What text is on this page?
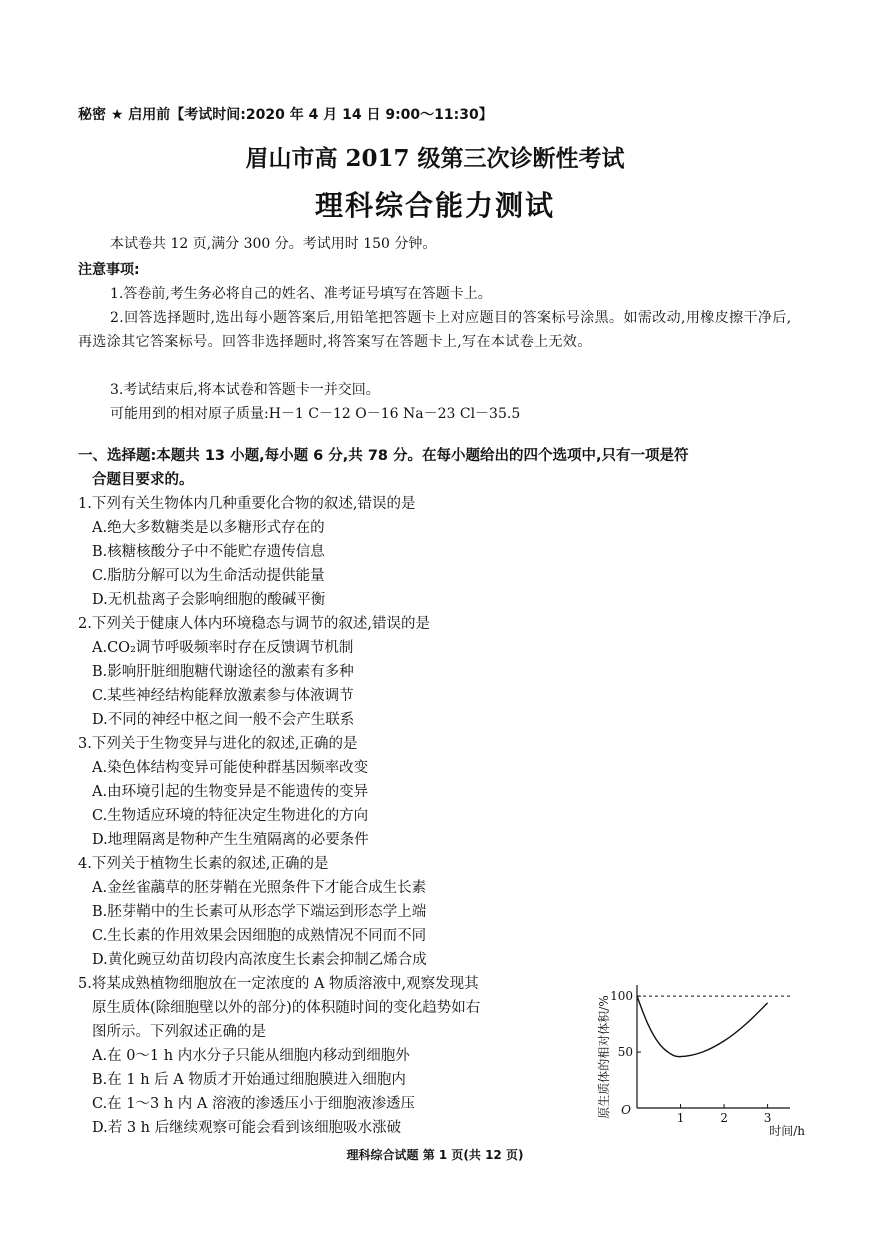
秘密 ★ 启用前【考试时间:2020 年 4 月 14 日 9:00～11:30】
眉山市高 2017 级第三次诊断性考试
理科综合能力测试
本试卷共 12 页,满分 300 分。考试用时 150 分钟。
注意事项:
1.答卷前,考生务必将自己的姓名、准考证号填写在答题卡上。
2.回答选择题时,选出每小题答案后,用铅笔把答题卡上对应题目的答案标号涂黑。如需改动,用橡皮擦干净后,再选涂其它答案标号。回答非选择题时,将答案写在答题卡上,写在本试卷上无效。
3.考试结束后,将本试卷和答题卡一并交回。
可能用到的相对原子质量:H－1 C－12 O－16 Na－23 Cl－35.5
一、选择题:本题共 13 小题,每小题 6 分,共 78 分。在每小题给出的四个选项中,只有一项是符
合题目要求的。
1.下列有关生物体内几种重要化合物的叙述,错误的是
A.绝大多数糖类是以多糖形式存在的
B.核糖核酸分子中不能贮存遗传信息
C.脂肪分解可以为生命活动提供能量
D.无机盐离子会影响细胞的酸碱平衡
2.下列关于健康人体内环境稳态与调节的叙述,错误的是
A.CO₂调节呼吸频率时存在反馈调节机制
B.影响肝脏细胞糖代谢途径的激素有多种
C.某些神经结构能释放激素参与体液调节
D.不同的神经中枢之间一般不会产生联系
3.下列关于生物变异与进化的叙述,正确的是
A.染色体结构变异可能使种群基因频率改变
A.由环境引起的生物变异是不能遗传的变异
C.生物适应环境的特征决定生物进化的方向
D.地理隔离是物种产生生殖隔离的必要条件
4.下列关于植物生长素的叙述,正确的是
A.金丝雀虉草的胚芽鞘在光照条件下才能合成生长素
B.胚芽鞘中的生长素可从形态学下端运到形态学上端
C.生长素的作用效果会因细胞的成熟情况不同而不同
D.黄化豌豆幼苗切段内高浓度生长素会抑制乙烯合成
5.将某成熟植物细胞放在一定浓度的 A 物质溶液中,观察发现其
原生质体(除细胞壁以外的部分)的体积随时间的变化趋势如右
图所示。下列叙述正确的是
A.在 0～1 h 内水分子只能从细胞内移动到细胞外
B.在 1 h 后 A 物质才开始通过细胞膜进入细胞内
C.在 1～3 h 内 A 溶液的渗透压小于细胞液渗透压
D.若 3 h 后继续观察可能会看到该细胞吸水涨破
原生质体的相对体积/% O
时间/h
1	2	3
50
100
理科综合试题 第 1 页(共 12 页)
